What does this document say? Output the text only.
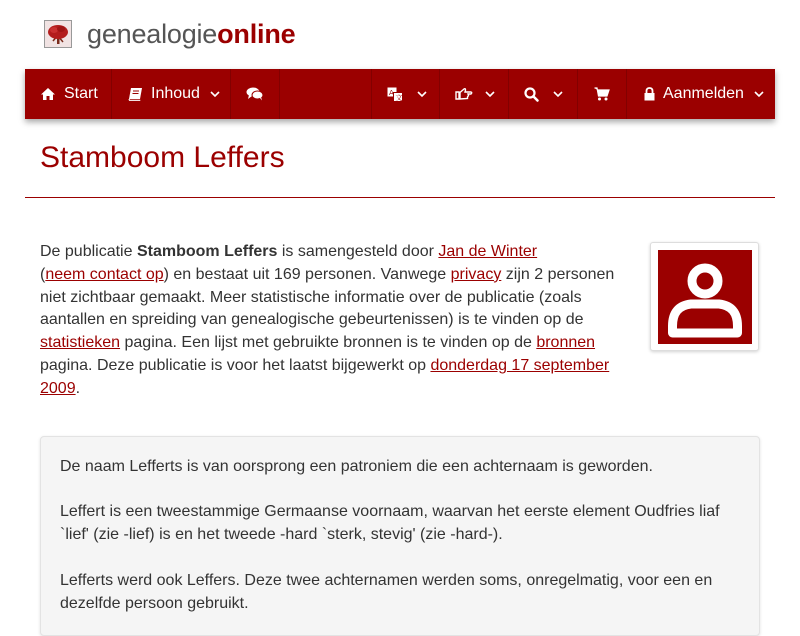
genealogieonline
Start	Inhoud	A
文	Aanmelden
Stamboom Leffers
De publicatie Stamboom Leffers is samengesteld door Jan de Winter
(neem contact op) en bestaat uit 169 personen. Vanwege privacy zijn 2 personen niet zichtbaar gemaakt. Meer statistische informatie over de publicatie (zoals aantallen en spreiding van genealogische gebeurtenissen) is te vinden op de statistieken pagina. Een lijst met gebruikte bronnen is te vinden op de bronnen pagina. Deze publicatie is voor het laatst bijgewerkt op donderdag 17 september 2009.

De naam Lefferts is van oorsprong een patroniem die een achternaam is geworden.

Leffert is een tweestammige Germaanse voornaam, waarvan het eerste element Oudfries liaf `lief' (zie -lief) is en het tweede -hard `sterk, stevig' (zie -hard-).

Lefferts werd ook Leffers. Deze twee achternamen werden soms, onregelmatig, voor een en dezelfde persoon gebruikt.
